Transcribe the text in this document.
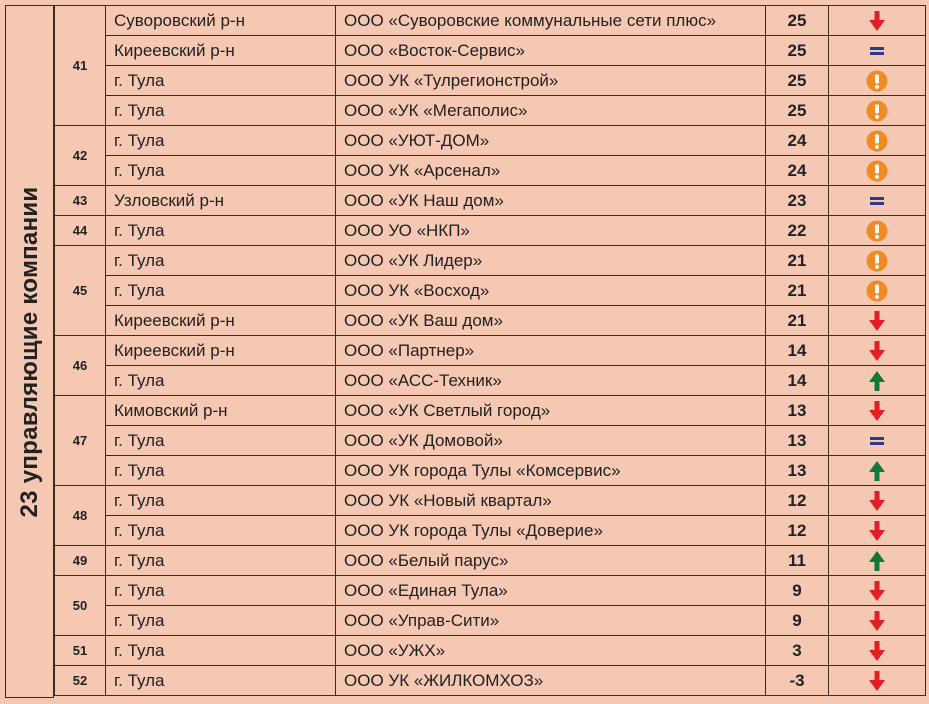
23 управляющие компании
41	Суворовский р-н	ООО «Суворовские коммунальные сети плюс»	25	
	Киреевский р-н	ООО «Восток-Сервис»	25	
	г. Тула	ООО УК «Тулрегионстрой»	25	
	г. Тула	ООО «УК «Мегаполис»	25	
42	г. Тула	ООО «УЮТ-ДОМ»	24	
	г. Тула	ООО УК «Арсенал»	24	
43	Узловский р-н	ООО «УК Наш дом»	23	
44	г. Тула	ООО УО «НКП»	22	
45	г. Тула	ООО «УК Лидер»	21	
	г. Тула	ООО УК «Восход»	21	
	Киреевский р-н	ООО «УК Ваш дом»	21	
46	Киреевский р-н	ООО «Партнер»	14	
	г. Тула	ООО «АСС-Техник»	14	
47	Кимовский р-н	ООО «УК Светлый город»	13	
	г. Тула	ООО «УК Домовой»	13	
	г. Тула	ООО УК города Тулы «Комсервис»	13	
48	г. Тула	ООО УК «Новый квартал»	12	
	г. Тула	ООО УК города Тулы «Доверие»	12	
49	г. Тула	ООО «Белый парус»	11	
50	г. Тула	ООО «Единая Тула»	9	
	г. Тула	ООО «Управ-Сити»	9	
51	г. Тула	ООО «УЖХ»	3	
52	г. Тула	ООО УК «ЖИЛКОМХОЗ»	-3	
